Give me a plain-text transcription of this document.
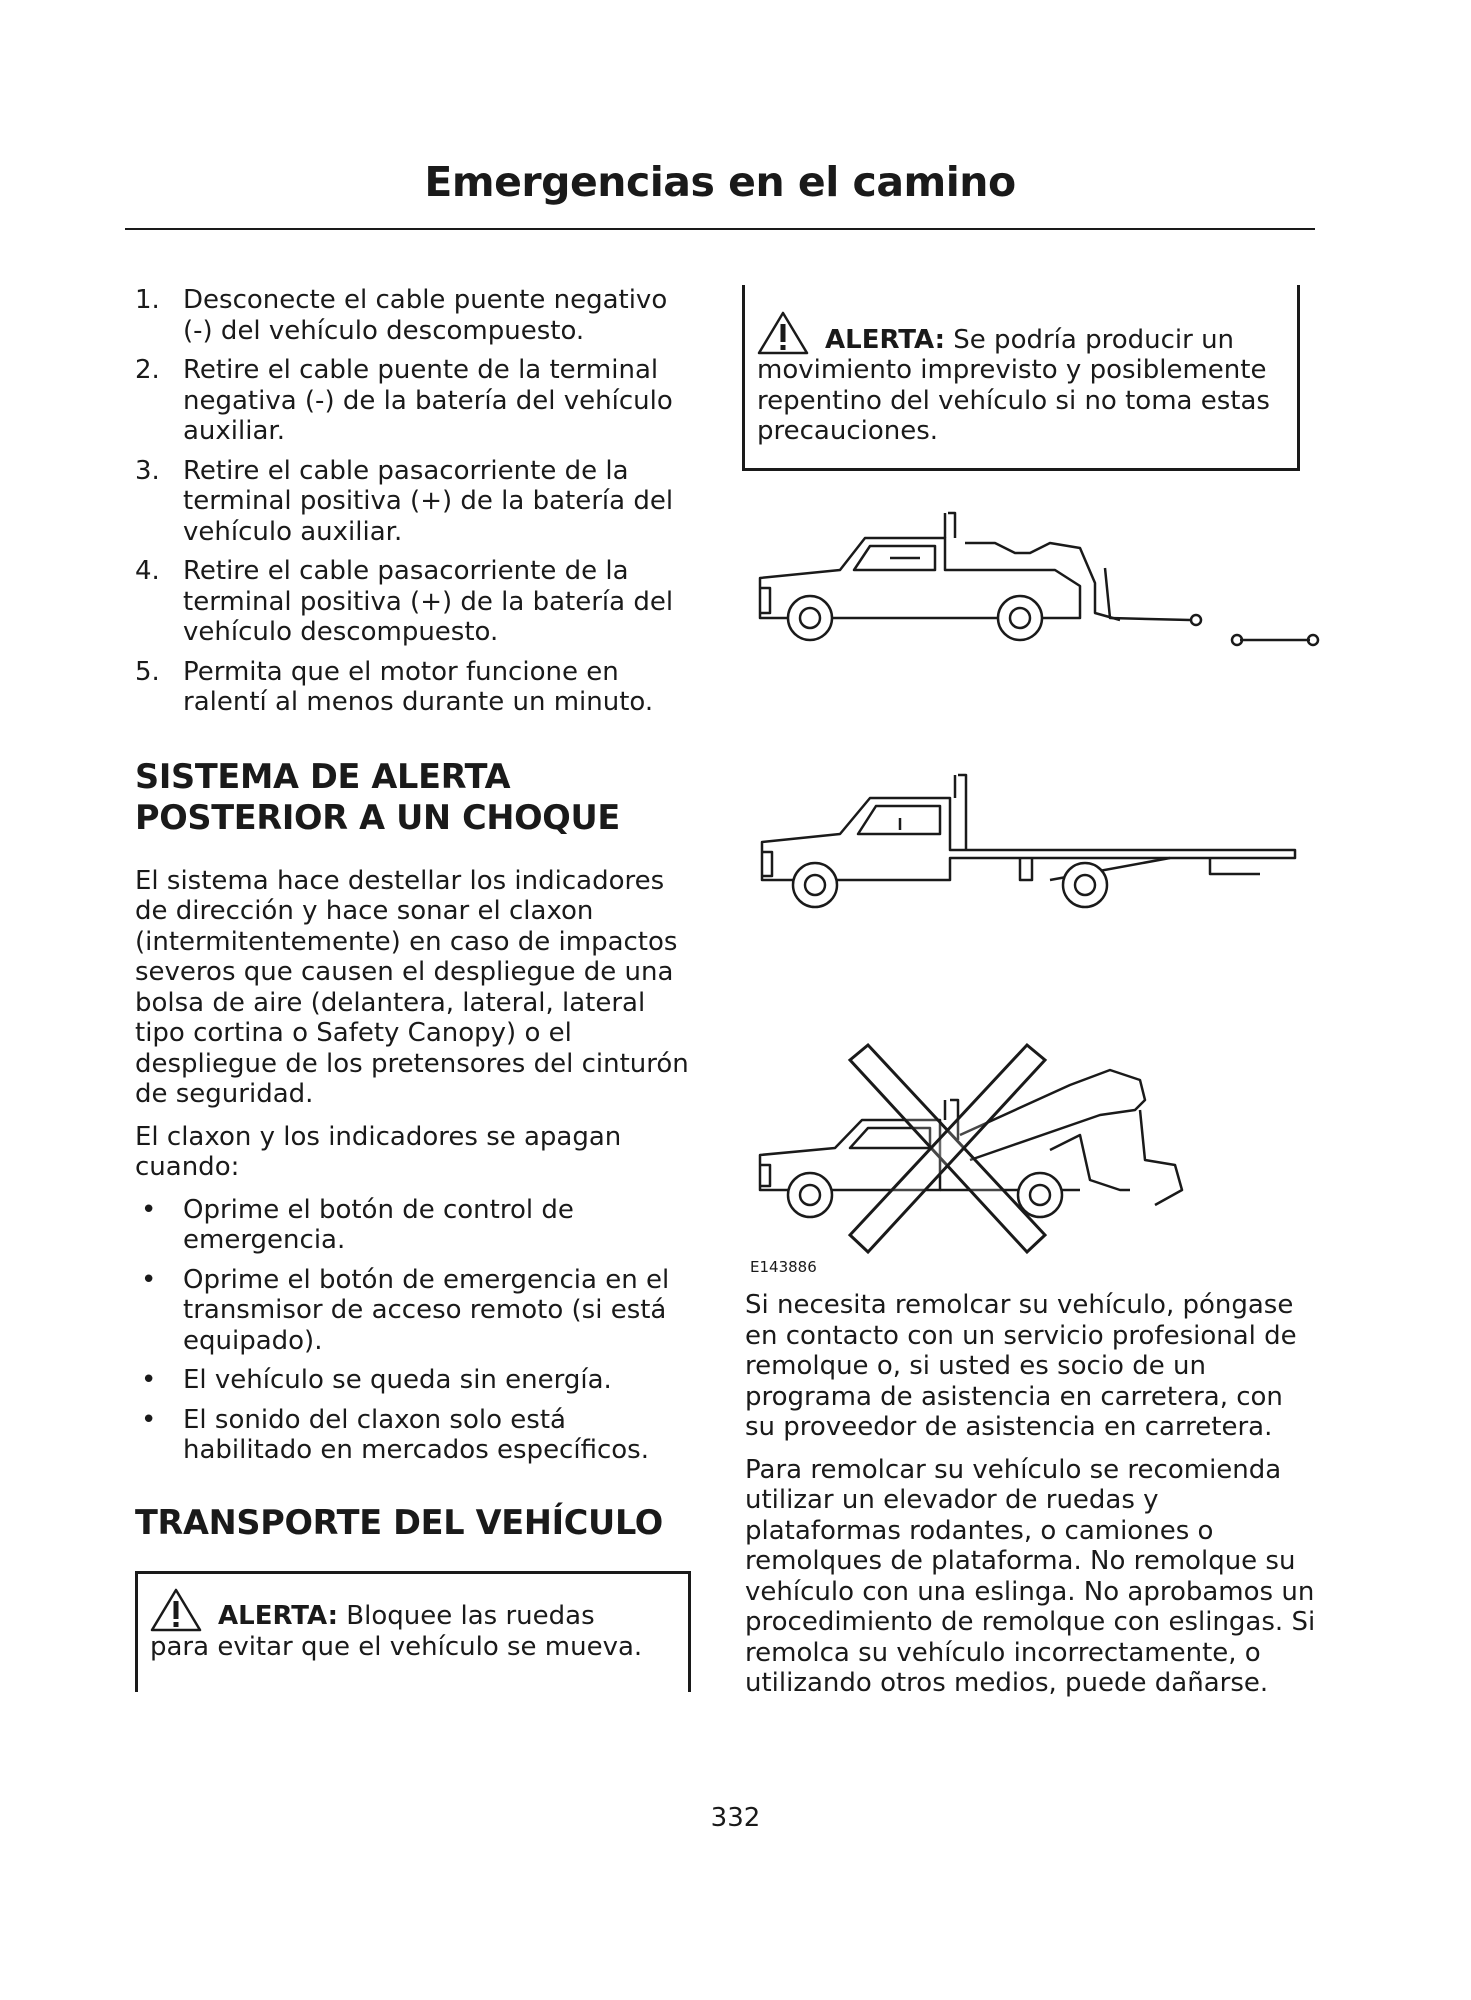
Emergencias en el camino
1. Desconecte el cable puente negativo (-) del vehículo descompuesto.
2. Retire el cable puente de la terminal negativa (-) de la batería del vehículo auxiliar.
3. Retire el cable pasacorriente de la terminal positiva (+) de la batería del vehículo auxiliar.
4. Retire el cable pasacorriente de la terminal positiva (+) de la batería del vehículo descompuesto.
5. Permita que el motor funcione en ralentí al menos durante un minuto.
SISTEMA DE ALERTA POSTERIOR A UN CHOQUE

El sistema hace destellar los indicadores de dirección y hace sonar el claxon (intermitentemente) en caso de impactos severos que causen el despliegue de una bolsa de aire (delantera, lateral, lateral tipo cortina o Safety Canopy) o el despliegue de los pretensores del cinturón de seguridad.

El claxon y los indicadores se apagan cuando:

• Oprime el botón de control de emergencia.
• Oprime el botón de emergencia en el transmisor de acceso remoto (si está equipado).
• El vehículo se queda sin energía.
• El sonido del claxon solo está habilitado en mercados específicos.
TRANSPORTE DEL VEHÍCULO
ALERTA: Bloquee las ruedas
para evitar que el vehículo se mueva.
ALERTA: Se podría producir un
movimiento imprevisto y posiblemente repentino del vehículo si no toma estas precauciones.
E143886

Si necesita remolcar su vehículo, póngase en contacto con un servicio profesional de remolque o, si usted es socio de un programa de asistencia en carretera, con su proveedor de asistencia en carretera.

Para remolcar su vehículo se recomienda utilizar un elevador de ruedas y plataformas rodantes, o camiones o remolques de plataforma. No remolque su vehículo con una eslinga. No aprobamos un procedimiento de remolque con eslingas. Si remolca su vehículo incorrectamente, o utilizando otros medios, puede dañarse.

332
